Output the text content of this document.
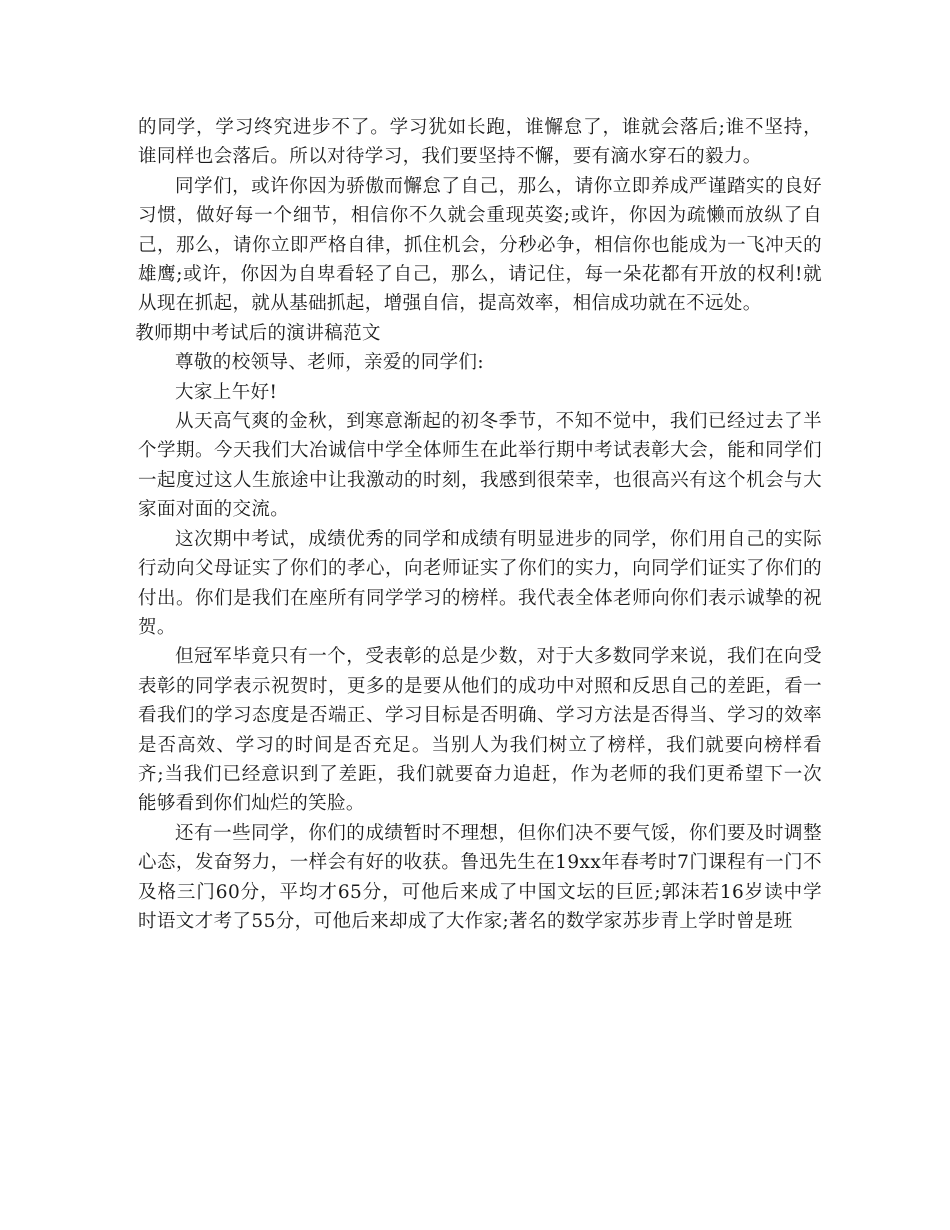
的同学，学习终究进步不了。学习犹如长跑，谁懈怠了，谁就会落后;谁不坚持，谁同样也会落后。所以对待学习，我们要坚持不懈，要有滴水穿石的毅力。

同学们，或许你因为骄傲而懈怠了自己，那么，请你立即养成严谨踏实的良好习惯，做好每一个细节，相信你不久就会重现英姿;或许，你因为疏懒而放纵了自己，那么，请你立即严格自律，抓住机会，分秒必争，相信你也能成为一飞冲天的雄鹰;或许，你因为自卑看轻了自己，那么，请记住，每一朵花都有开放的权利!就从现在抓起，就从基础抓起，增强自信，提高效率，相信成功就在不远处。

教师期中考试后的演讲稿范文

尊敬的校领导、老师，亲爱的同学们:

大家上午好!

从天高气爽的金秋，到寒意渐起的初冬季节，不知不觉中，我们已经过去了半个学期。今天我们大冶诚信中学全体师生在此举行期中考试表彰大会，能和同学们一起度过这人生旅途中让我激动的时刻，我感到很荣幸，也很高兴有这个机会与大家面对面的交流。

这次期中考试，成绩优秀的同学和成绩有明显进步的同学，你们用自己的实际行动向父母证实了你们的孝心，向老师证实了你们的实力，向同学们证实了你们的付出。你们是我们在座所有同学学习的榜样。我代表全体老师向你们表示诚挚的祝贺。

但冠军毕竟只有一个，受表彰的总是少数，对于大多数同学来说，我们在向受表彰的同学表示祝贺时，更多的是要从他们的成功中对照和反思自己的差距，看一看我们的学习态度是否端正、学习目标是否明确、学习方法是否得当、学习的效率是否高效、学习的时间是否充足。当别人为我们树立了榜样，我们就要向榜样看齐;当我们已经意识到了差距，我们就要奋力追赶，作为老师的我们更希望下一次能够看到你们灿烂的笑脸。

还有一些同学，你们的成绩暂时不理想，但你们决不要气馁，你们要及时调整心态，发奋努力，一样会有好的收获。鲁迅先生在19xx年春考时7门课程有一门不及格三门60分，平均才65分，可他后来成了中国文坛的巨匠;郭沫若16岁读中学时语文才考了55分，可他后来却成了大作家;著名的数学家苏步青上学时曾是班
